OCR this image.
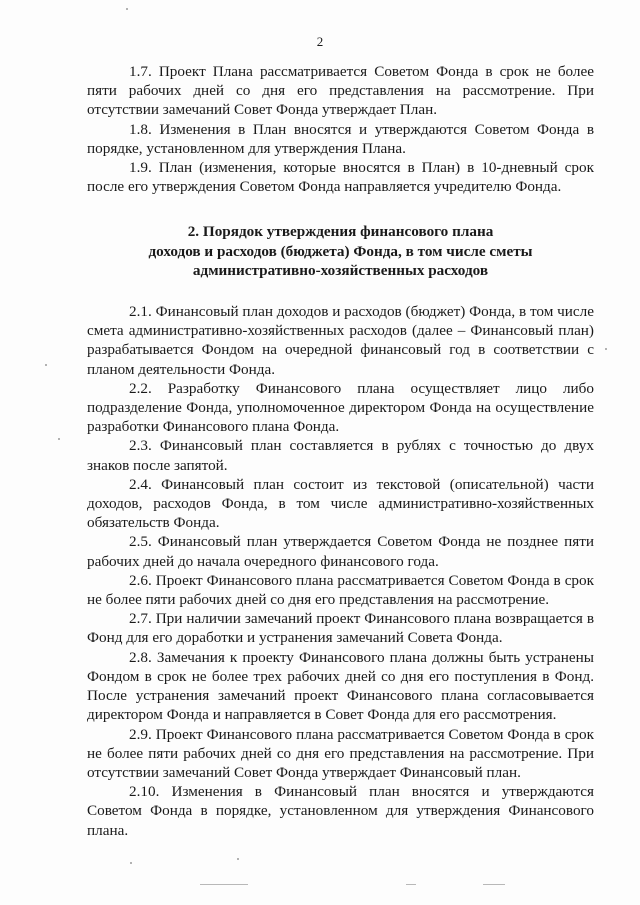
2

1.7. Проект Плана рассматривается Советом Фонда в срок не более пяти рабочих дней со дня его представления на рассмотрение. При отсутствии замечаний Совет Фонда утверждает План.

1.8. Изменения в План вносятся и утверждаются Советом Фонда в порядке, установленном для утверждения Плана.

1.9. План (изменения, которые вносятся в План) в 10-дневный срок после его утверждения Советом Фонда направляется учредителю Фонда.

2. Порядок утверждения финансового плана
доходов и расходов (бюджета) Фонда, в том числе сметы
административно-хозяйственных расходов

2.1. Финансовый план доходов и расходов (бюджет) Фонда, в том числе смета административно-хозяйственных расходов (далее – Финансовый план) разрабатывается Фондом на очередной финансовый год в соответствии с планом деятельности Фонда.

2.2. Разработку Финансового плана осуществляет лицо либо подразделение Фонда, уполномоченное директором Фонда на осуществление разработки Финансового плана Фонда.

2.3. Финансовый план составляется в рублях с точностью до двух знаков после запятой.

2.4. Финансовый план состоит из текстовой (описательной) части доходов, расходов Фонда, в том числе административно-хозяйственных обязательств Фонда.

2.5. Финансовый план утверждается Советом Фонда не позднее пяти рабочих дней до начала очередного финансового года.

2.6. Проект Финансового плана рассматривается Советом Фонда в срок не более пяти рабочих дней со дня его представления на рассмотрение.

2.7. При наличии замечаний проект Финансового плана возвращается в Фонд для его доработки и устранения замечаний Совета Фонда.

2.8. Замечания к проекту Финансового плана должны быть устранены Фондом в срок не более трех рабочих дней со дня его поступления в Фонд. После устранения замечаний проект Финансового плана согласовывается директором Фонда и направляется в Совет Фонда для его рассмотрения.

2.9. Проект Финансового плана рассматривается Советом Фонда в срок не более пяти рабочих дней со дня его представления на рассмотрение. При отсутствии замечаний Совет Фонда утверждает Финансовый план.

2.10. Изменения в Финансовый план вносятся и утверждаются Советом Фонда в порядке, установленном для утверждения Финансового плана.
